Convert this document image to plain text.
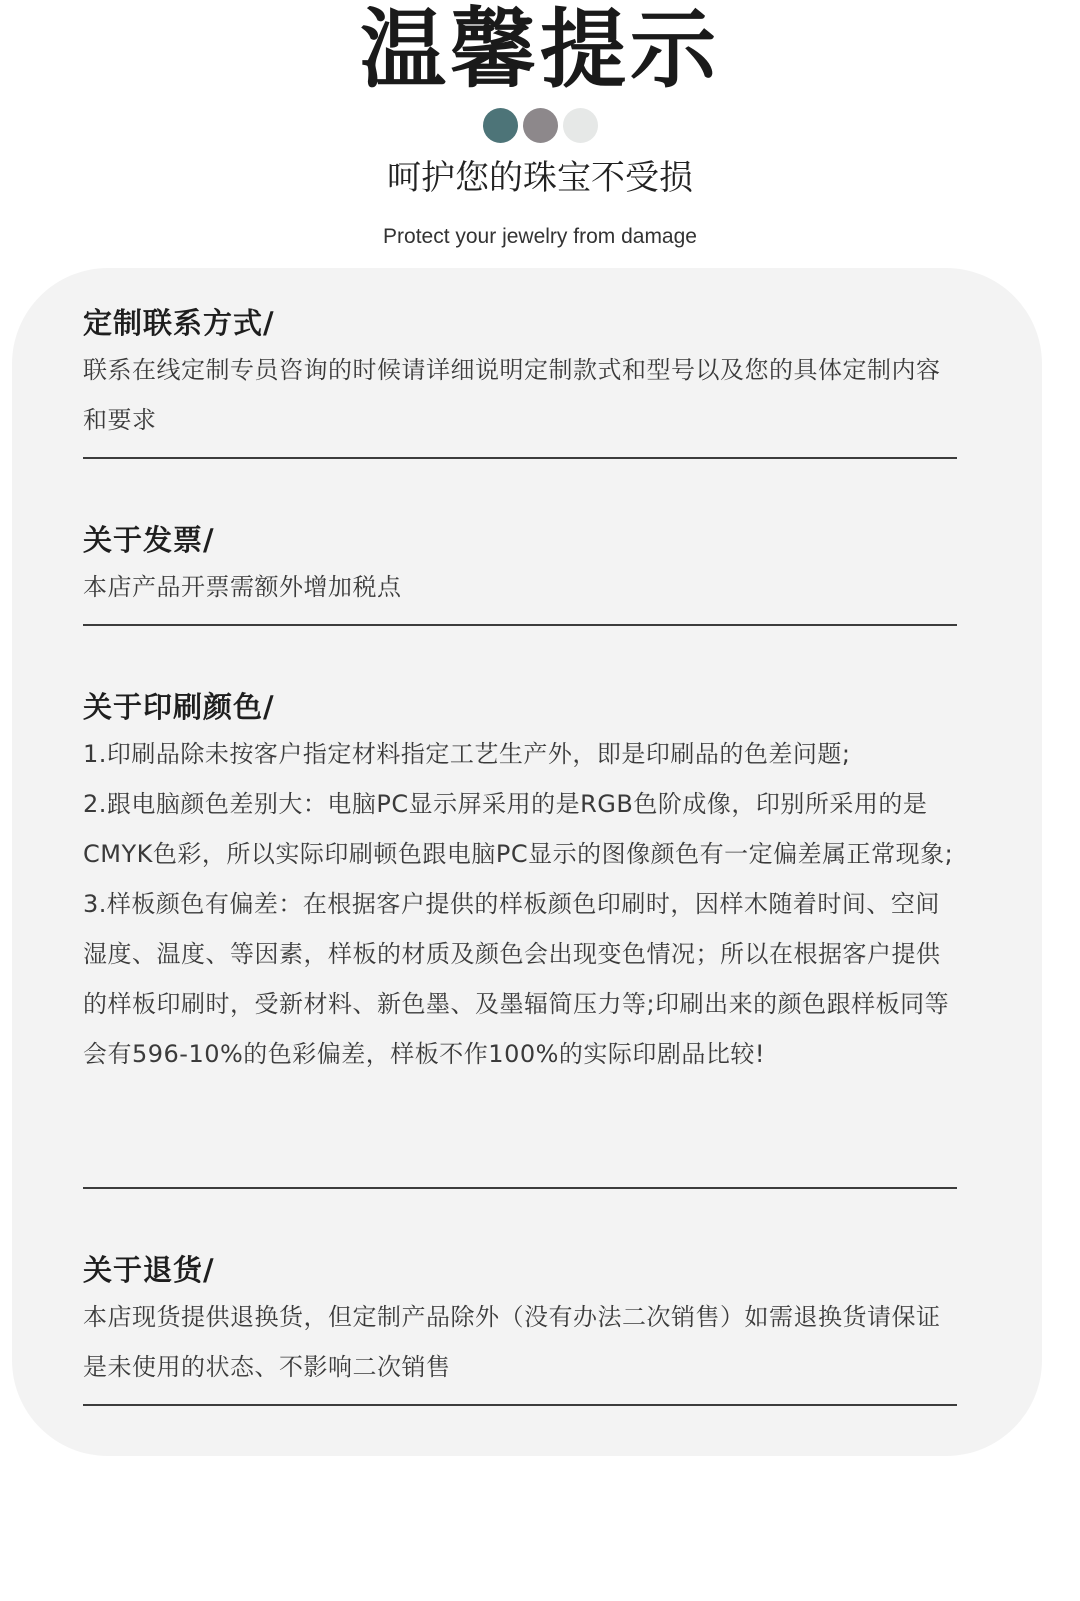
温馨提示
呵护您的珠宝不受损
Protect your jewelry from damage
定制联系方式/

联系在线定制专员咨询的时候请详细说明定制款式和型号以及您的具体定制内容和要求

关于发票/

本店产品开票需额外增加税点

关于印刷颜色/

1.印刷品除未按客户指定材料指定工艺生产外，即是印刷品的色差问题;

2.跟电脑颜色差别大：电脑PC显示屏采用的是RGB色阶成像，印别所采用的是CMYK色彩，所以实际印刷顿色跟电脑PC显示的图像颜色有一定偏差属正常现象;

3.样板颜色有偏差：在根据客户提供的样板颜色印刷时，因样木随着时间、空间湿度、温度、等因素，样板的材质及颜色会出现变色情况；所以在根据客户提供的样板印刷时，受新材料、新色墨、及墨辐简压力等;印刷出来的颜色跟样板同等会有596-10%的色彩偏差，样板不作100%的实际印剧品比较!

关于退货/

本店现货提供退换货，但定制产品除外（没有办法二次销售）如需退换货请保证是未使用的状态、不影响二次销售
